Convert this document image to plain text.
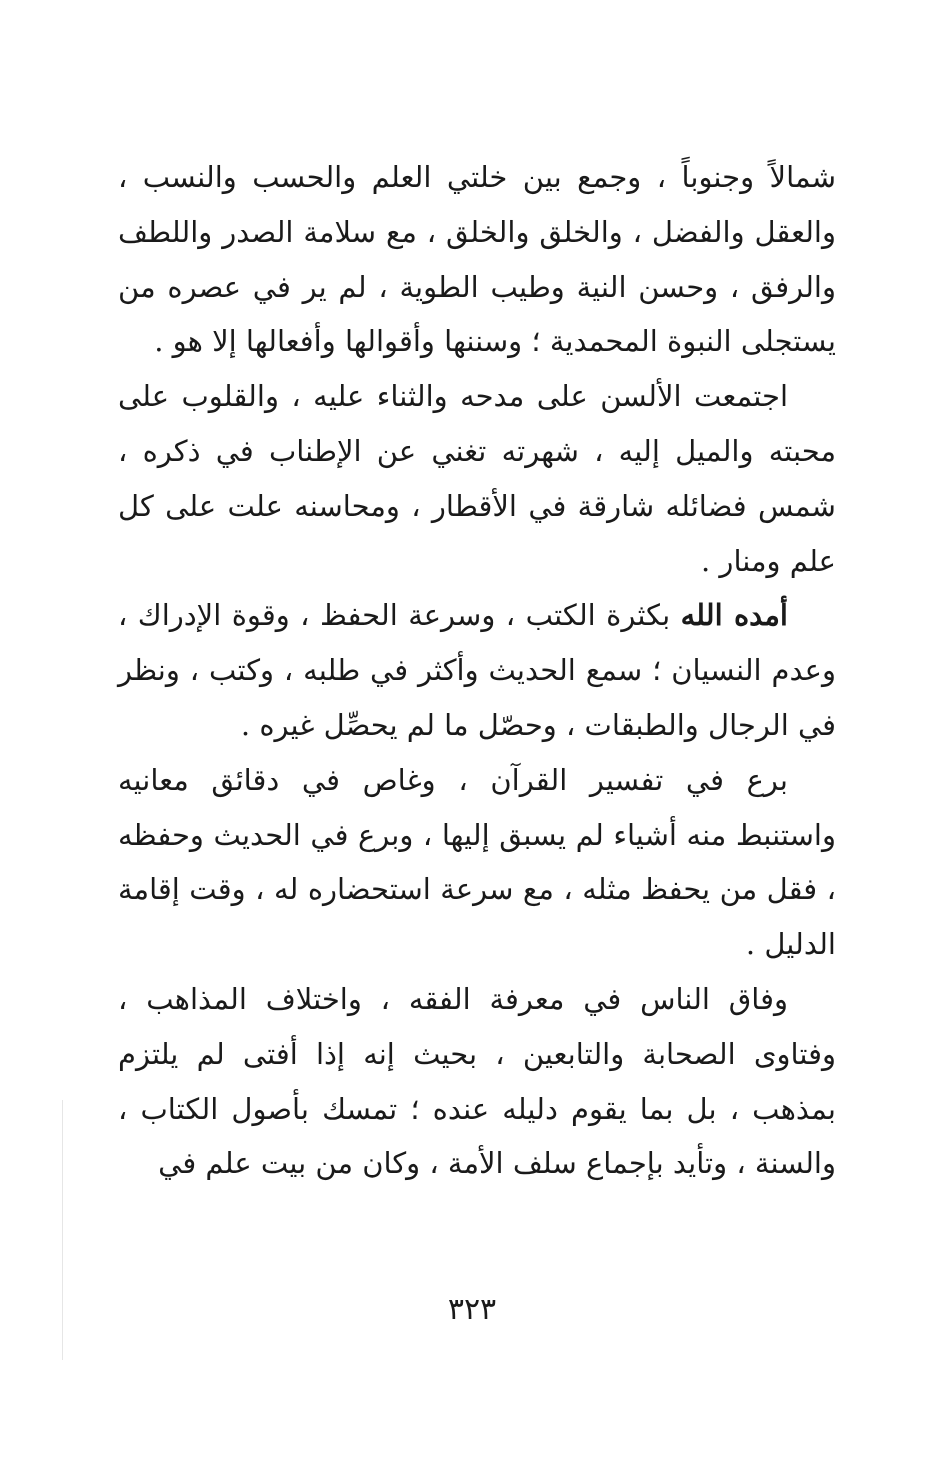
شمالاً وجنوباً ، وجمع بين خلتي العلم والحسب والنسب ، والعقل والفضل ، والخلق والخلق ، مع سلامة الصدر واللطف والرفق ، وحسن النية وطيب الطوية ، لم ير في عصره من يستجلى النبوة المحمدية ؛ وسننها وأقوالها وأفعالها إلا هو .

اجتمعت الألسن على مدحه والثناء عليه ، والقلوب على محبته والميل إليه ، شهرته تغني عن الإطناب في ذكره ، شمس فضائله شارقة في الأقطار ، ومحاسنه علت على كل علم ومنار .

أمده الله بكثرة الكتب ، وسرعة الحفظ ، وقوة الإدراك ، وعدم النسيان ؛ سمع الحديث وأكثر في طلبه ، وكتب ، ونظر في الرجال والطبقات ، وحصّل ما لم يحصِّل غيره .

برع في تفسير القرآن ، وغاص في دقائق معانيه واستنبط منه أشياء لم يسبق إليها ، وبرع في الحديث وحفظه ، فقل من يحفظ مثله ، مع سرعة استحضاره له ، وقت إقامة الدليل .

وفاق الناس في معرفة الفقه ، واختلاف المذاهب ، وفتاوى الصحابة والتابعين ، بحيث إنه إذا أفتى لم يلتزم بمذهب ، بل بما يقوم دليله عنده ؛ تمسك بأصول الكتاب ، والسنة ، وتأيد بإجماع سلف الأمة ، وكان من بيت علم في

٣٢٣
